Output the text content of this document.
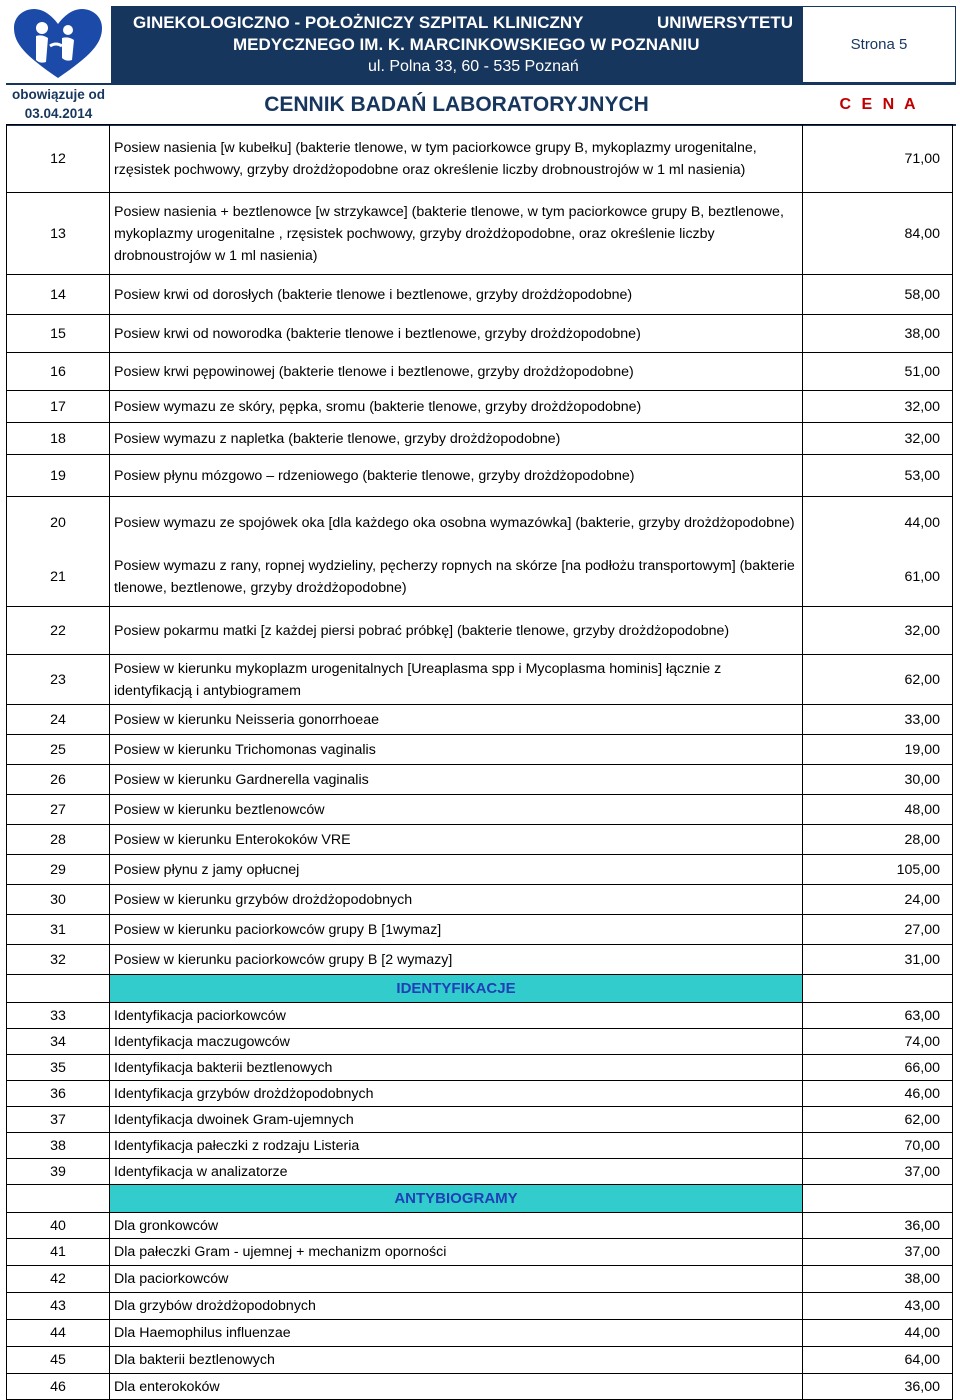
obowiązuje od
03.04.2014
GINEKOLOGICZNO - POŁOŻNICZY SZPITAL KLINICZNY	UNIWERSYTETU
MEDYCZNEGO IM. K. MARCINKOWSKIEGO W POZNANIU
ul. Polna 33, 60 - 535 Poznań
Strona 5
CENNIK BADAŃ LABORATORYJNYCH	C E N A
12	Posiew nasienia [w kubełku] (bakterie tlenowe, w tym paciorkowce grupy B, mykoplazmy urogenitalne, rzęsistek pochwowy, grzyby drożdżopodobne oraz określenie liczby drobnoustrojów w 1 ml nasienia)	71,00
13	Posiew nasienia + beztlenowce [w strzykawce] (bakterie tlenowe, w tym paciorkowce grupy B, beztlenowe, mykoplazmy urogenitalne , rzęsistek pochwowy, grzyby drożdżopodobne, oraz określenie liczby drobnoustrojów w 1 ml nasienia)	84,00
14	Posiew krwi od dorosłych (bakterie tlenowe i beztlenowe, grzyby drożdżopodobne)	58,00
15	Posiew krwi od noworodka (bakterie tlenowe i beztlenowe, grzyby drożdżopodobne)	38,00
16	Posiew krwi pępowinowej (bakterie tlenowe i beztlenowe, grzyby drożdżopodobne)	51,00
17	Posiew wymazu ze skóry, pępka, sromu (bakterie tlenowe, grzyby drożdżopodobne)	32,00
18	Posiew wymazu z napletka (bakterie tlenowe, grzyby drożdżopodobne)	32,00
19	Posiew płynu mózgowo – rdzeniowego (bakterie tlenowe, grzyby drożdżopodobne)	53,00
20	Posiew wymazu ze spojówek oka [dla każdego oka osobna wymazówka] (bakterie, grzyby drożdżopodobne)	44,00
21	Posiew wymazu z rany, ropnej wydzieliny, pęcherzy ropnych na skórze [na podłożu transportowym] (bakterie tlenowe, beztlenowe, grzyby drożdżopodobne)	61,00
22	Posiew pokarmu matki [z każdej piersi pobrać próbkę] (bakterie tlenowe, grzyby drożdżopodobne)	32,00
23	Posiew w kierunku mykoplazm urogenitalnych [Ureaplasma spp i Mycoplasma hominis] łącznie z identyfikacją i antybiogramem	62,00
24	Posiew w kierunku Neisseria gonorrhoeae	33,00
25	Posiew w kierunku Trichomonas vaginalis	19,00
26	Posiew w kierunku Gardnerella vaginalis	30,00
27	Posiew w kierunku beztlenowców	48,00
28	Posiew w kierunku Enterokoków VRE	28,00
29	Posiew płynu z jamy opłucnej	105,00
30	Posiew w kierunku grzybów drożdżopodobnych	24,00
31	Posiew w kierunku paciorkowców grupy B [1wymaz]	27,00
32	Posiew w kierunku paciorkowców grupy B [2 wymazy]	31,00
	IDENTYFIKACJE	
33	Identyfikacja paciorkowców	63,00
34	Identyfikacja maczugowców	74,00
35	Identyfikacja bakterii beztlenowych	66,00
36	Identyfikacja grzybów drożdżopodobnych	46,00
37	Identyfikacja dwoinek Gram-ujemnych	62,00
38	Identyfikacja pałeczki z rodzaju Listeria	70,00
39	Identyfikacja w analizatorze	37,00
	ANTYBIOGRAMY	
40	Dla gronkowców	36,00
41	Dla pałeczki Gram - ujemnej + mechanizm oporności	37,00
42	Dla paciorkowców	38,00
43	Dla grzybów drożdżopodobnych	43,00
44	Dla Haemophilus influenzae	44,00
45	Dla bakterii beztlenowych	64,00
46	Dla enterokoków	36,00
